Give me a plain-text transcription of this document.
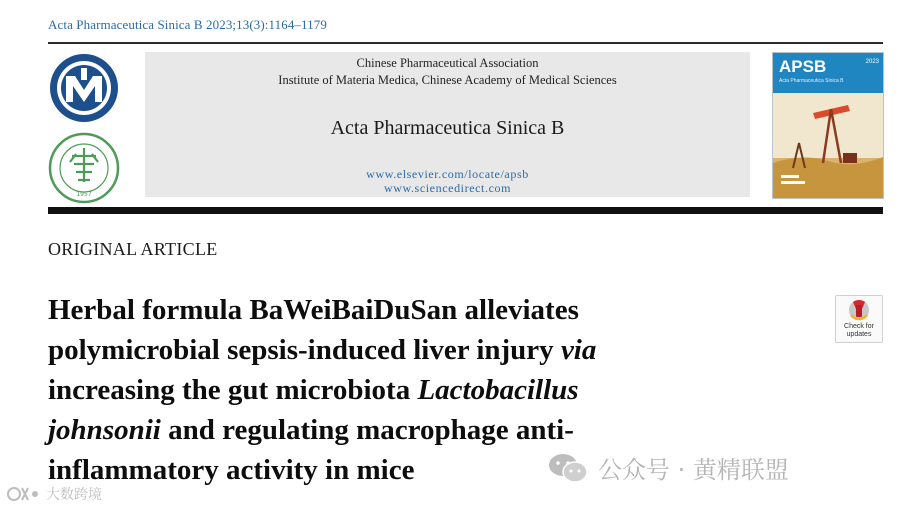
Acta Pharmaceutica Sinica B 2023;13(3):1164–1179
1957
Chinese Pharmaceutical Association
Institute of Materia Medica, Chinese Academy of Medical Sciences
Acta Pharmaceutica Sinica B
www.elsevier.com/locate/apsb
www.sciencedirect.com
APSB
Acta Pharmaceutica Sinica B
2023
ORIGINAL ARTICLE
Herbal formula BaWeiBaiDuSan alleviates
polymicrobial sepsis-induced liver injury via
increasing the gut microbiota Lactobacillus
johnsonii and regulating macrophage anti-
inflammatory activity in mice
Check for
updates
公众号 · 黄精联盟
大数跨境
